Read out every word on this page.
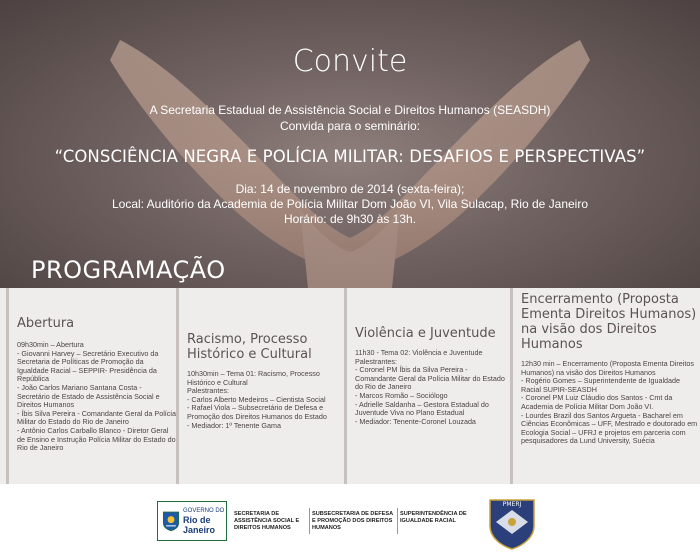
Convite
A Secretaria Estadual de Assistência Social e Direitos Humanos (SEASDH)
Convida para o seminário:
“CONSCIÊNCIA NEGRA E POLÍCIA MILITAR: DESAFIOS E PERSPECTIVAS”
Dia: 14 de novembro de 2014 (sexta-feira);
Local: Auditório da Academia de Polícia Militar Dom João VI, Vila Sulacap, Rio de Janeiro
Horário: de 9h30 às 13h.
PROGRAMAÇÃO
Abertura
09h30min – Abertura
- Giovanni Harvey – Secretário Executivo da Secretaria de Políticas de Promoção da Igualdade Racial – SEPPIR- Presidência da República
- João Carlos Mariano Santana Costa - Secretário de Estado de Assistência Social e Direitos Humanos
- Íbis Silva Pereira - Comandante Geral da Polícia Militar do Estado do Rio de Janeiro
- Antônio Carlos Carballo Blanco - Diretor Geral de Ensino e Instrução Polícia Militar do Estado do Rio de Janeiro
Racismo, Processo Histórico e Cultural
10h30min – Tema 01: Racismo, Processo Histórico e Cultural
Palestrantes:
- Carlos Alberto Medeiros – Cientista Social
- Rafael Viola – Subsecretário de Defesa e Promoção dos Direitos Humanos do Estado
- Mediador: 1º Tenente Gama
Violência e Juventude
11h30 - Tema 02: Violência e Juventude
Palestrantes:
- Coronel PM Íbis da Silva Pereira - Comandante Geral da Polícia Militar do Estado do Rio de Janeiro
- Marcos Romão – Sociólogo
- Adrielle Saldanha – Gestora Estadual do Juventude Viva no Plano Estadual
- Mediador: Tenente-Coronel Louzada
Encerramento (Proposta Ementa Direitos Humanos) na visão dos Direitos Humanos
12h30 min – Encerramento (Proposta Ementa Direitos Humanos) na visão dos Direitos Humanos
- Rogério Gomes – Superintendente de Igualdade Racial SUPIR-SEASDH
- Coronel PM Luiz Cláudio dos Santos - Cmt da Academia de Polícia Militar Dom João VI.
- Lourdes Brazil dos Santos Argueta - Bacharel em Ciências Econômicas – UFF, Mestrado e doutorado em Ecologia Social – UFRJ e projetos em parceria com pesquisadores da Lund University, Suécia
GOVERNO DO
Rio de Janeiro
SECRETARIA DE ASSISTÊNCIA SOCIAL E DIREITOS HUMANOS
SUBSECRETARIA DE DEFESA E PROMOÇÃO DOS DIREITOS HUMANOS
SUPERINTENDÊNCIA DE IGUALDADE RACIAL
PMERJ
